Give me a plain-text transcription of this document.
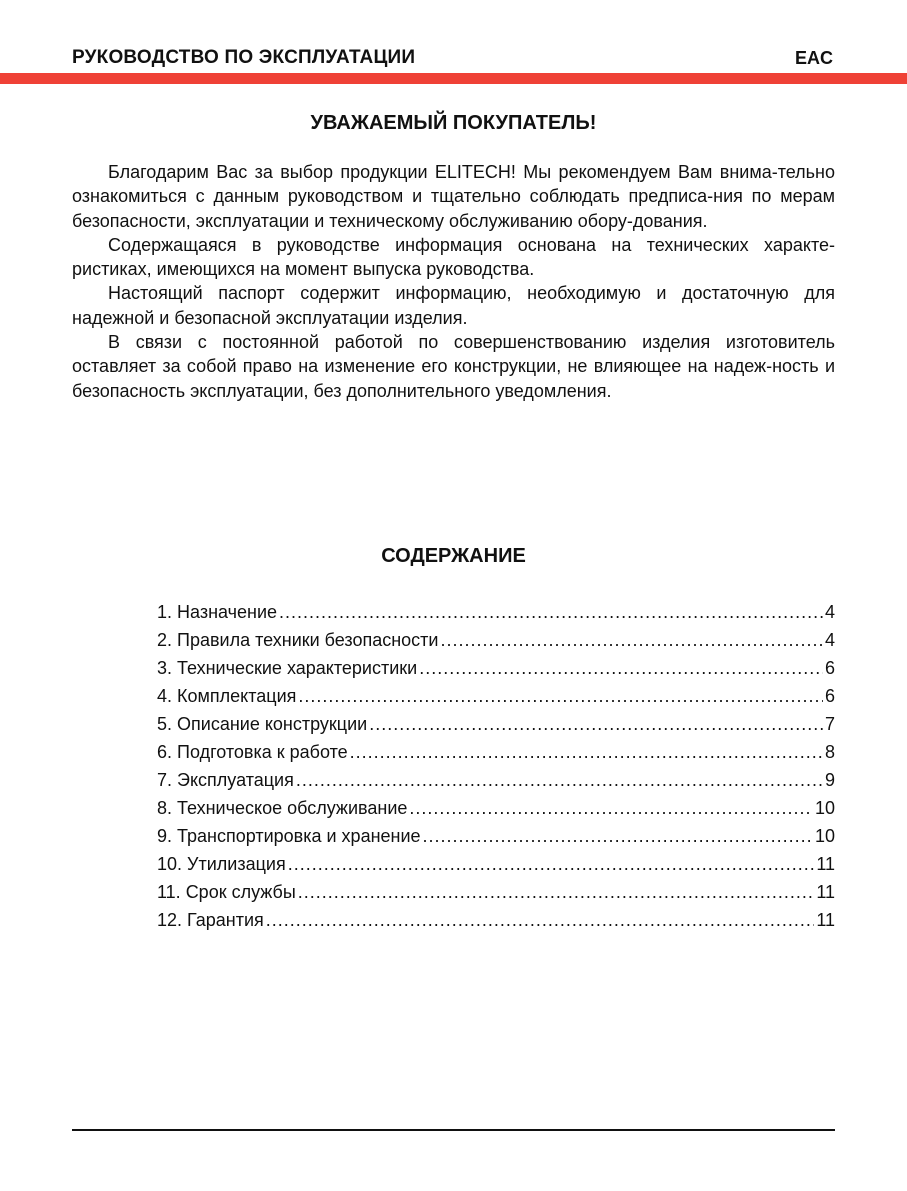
РУКОВОДСТВО ПО ЭКСПЛУАТАЦИИ	EAC
УВАЖАЕМЫЙ ПОКУПАТЕЛЬ!

Благодарим Вас за выбор продукции ELITECH! Мы рекомендуем Вам внима-тельно ознакомиться с данным руководством и тщательно соблюдать предписа-ния по мерам безопасности, эксплуатации и техническому обслуживанию обору-дования.

Содержащаяся в руководстве информация основана на технических характе-ристиках, имеющихся на момент выпуска руководства.

Настоящий паспорт содержит информацию, необходимую и достаточную для надежной и безопасной эксплуатации изделия.

В связи с постоянной работой по совершенствованию изделия изготовитель оставляет за собой право на изменение его конструкции, не влияющее на надеж-ность и безопасность эксплуатации, без дополнительного уведомления.

СОДЕРЖАНИЕ
1. Назначение .....	4
2. Правила техники безопасности .....	4
3. Технические характеристики .....	6
4. Комплектация .....	6
5. Описание конструкции .....	7
6. Подготовка к работе .....	8
7. Эксплуатация .....	9
8. Техническое обслуживание .....	10
9. Транспортировка и хранение .....	10
10. Утилизация .....	11
11. Срок службы .....	11
12. Гарантия .....	11
